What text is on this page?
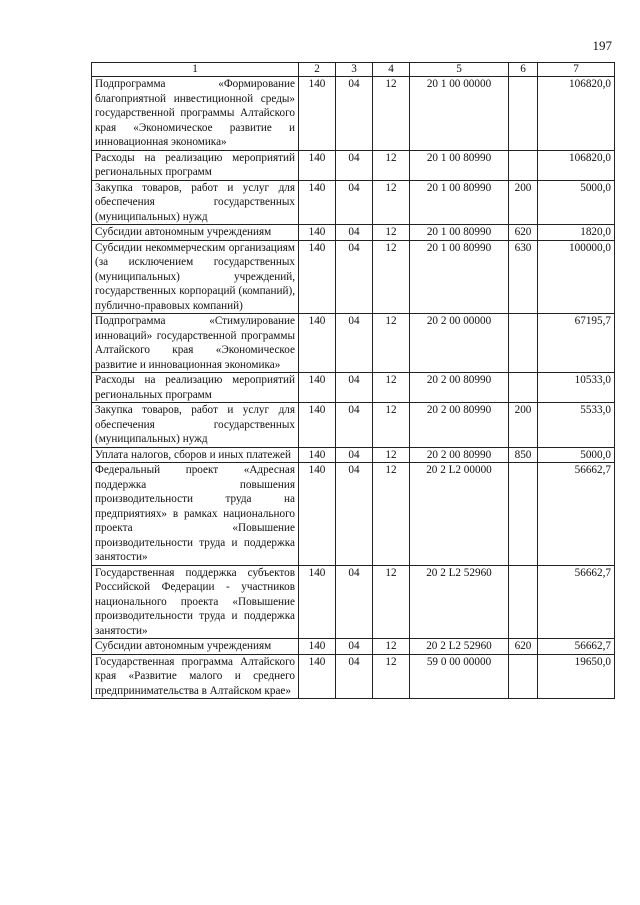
197
1	2	3	4	5	6	7
Подпрограмма «Формирование благоприятной инвестиционной среды» государственной программы Алтайского края «Экономическое развитие и инновационная экономика»	140	04	12	20 1 00 00000		106820,0
Расходы на реализацию мероприятий региональных программ	140	04	12	20 1 00 80990		106820,0
Закупка товаров, работ и услуг для обеспечения государственных (муниципальных) нужд	140	04	12	20 1 00 80990	200	5000,0
Субсидии автономным учреждениям	140	04	12	20 1 00 80990	620	1820,0
Субсидии некоммерческим организациям (за исключением государственных (муниципальных) учреждений, государственных корпораций (компаний), публично-правовых компаний)	140	04	12	20 1 00 80990	630	100000,0
Подпрограмма «Стимулирование инноваций» государственной программы Алтайского края «Экономическое развитие и инновационная экономика»	140	04	12	20 2 00 00000		67195,7
Расходы на реализацию мероприятий региональных программ	140	04	12	20 2 00 80990		10533,0
Закупка товаров, работ и услуг для обеспечения государственных (муниципальных) нужд	140	04	12	20 2 00 80990	200	5533,0
Уплата налогов, сборов и иных платежей	140	04	12	20 2 00 80990	850	5000,0
Федеральный проект «Адресная поддержка повышения производительности труда на предприятиях» в рамках национального проекта «Повышение производительности труда и поддержка занятости»	140	04	12	20 2 L2 00000		56662,7
Государственная поддержка субъектов Российской Федерации - участников национального проекта «Повышение производительности труда и поддержка занятости»	140	04	12	20 2 L2 52960		56662,7
Субсидии автономным учреждениям	140	04	12	20 2 L2 52960	620	56662,7
Государственная программа Алтайского края «Развитие малого и среднего предпринимательства в Алтайском крае»	140	04	12	59 0 00 00000		19650,0
